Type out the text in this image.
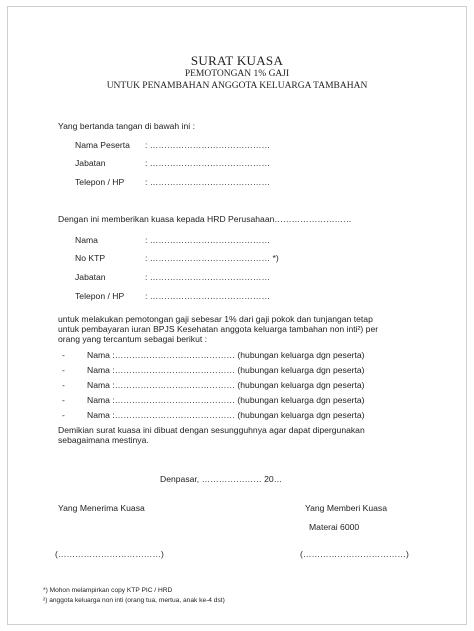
SURAT KUASA
PEMOTONGAN 1% GAJI
UNTUK PENAMBAHAN ANGGOTA KELUARGA TAMBAHAN
Yang bertanda tangan di bawah ini :
Nama Peserta : ……………………………………
Jabatan	: ……………………………………
Telepon / HP : ……………………………………
Dengan ini memberikan kuasa kepada HRD Perusahaan………………………
Nama	: ……………………………………
No KTP	: …………………………………… *)
Jabatan	: ……………………………………
Telepon / HP : ……………………………………
untuk melakukan pemotongan gaji sebesar 1% dari gaji pokok dan tunjangan tetap
untuk pembayaran iuran BPJS Kesehatan anggota keluarga tambahan non inti²) per
orang yang tercantum sebagai berikut :
-	Nama :…………………………………… (hubungan keluarga dgn peserta)
-	Nama :…………………………………… (hubungan keluarga dgn peserta)
-	Nama :…………………………………… (hubungan keluarga dgn peserta)
-	Nama :…………………………………… (hubungan keluarga dgn peserta)
-	Nama :…………………………………… (hubungan keluarga dgn peserta)
Demikian surat kuasa ini dibuat dengan sesungguhnya agar dapat dipergunakan
sebagaimana mestinya.
Denpasar, ………………… 20…
Yang Menerima Kuasa	Yang Memberi Kuasa
Materai 6000
(………………………………)	(………………………………)
*) Mohon melampirkan copy KTP PIC / HRD
²) anggota keluarga non inti (orang tua, mertua, anak ke-4 dst)
